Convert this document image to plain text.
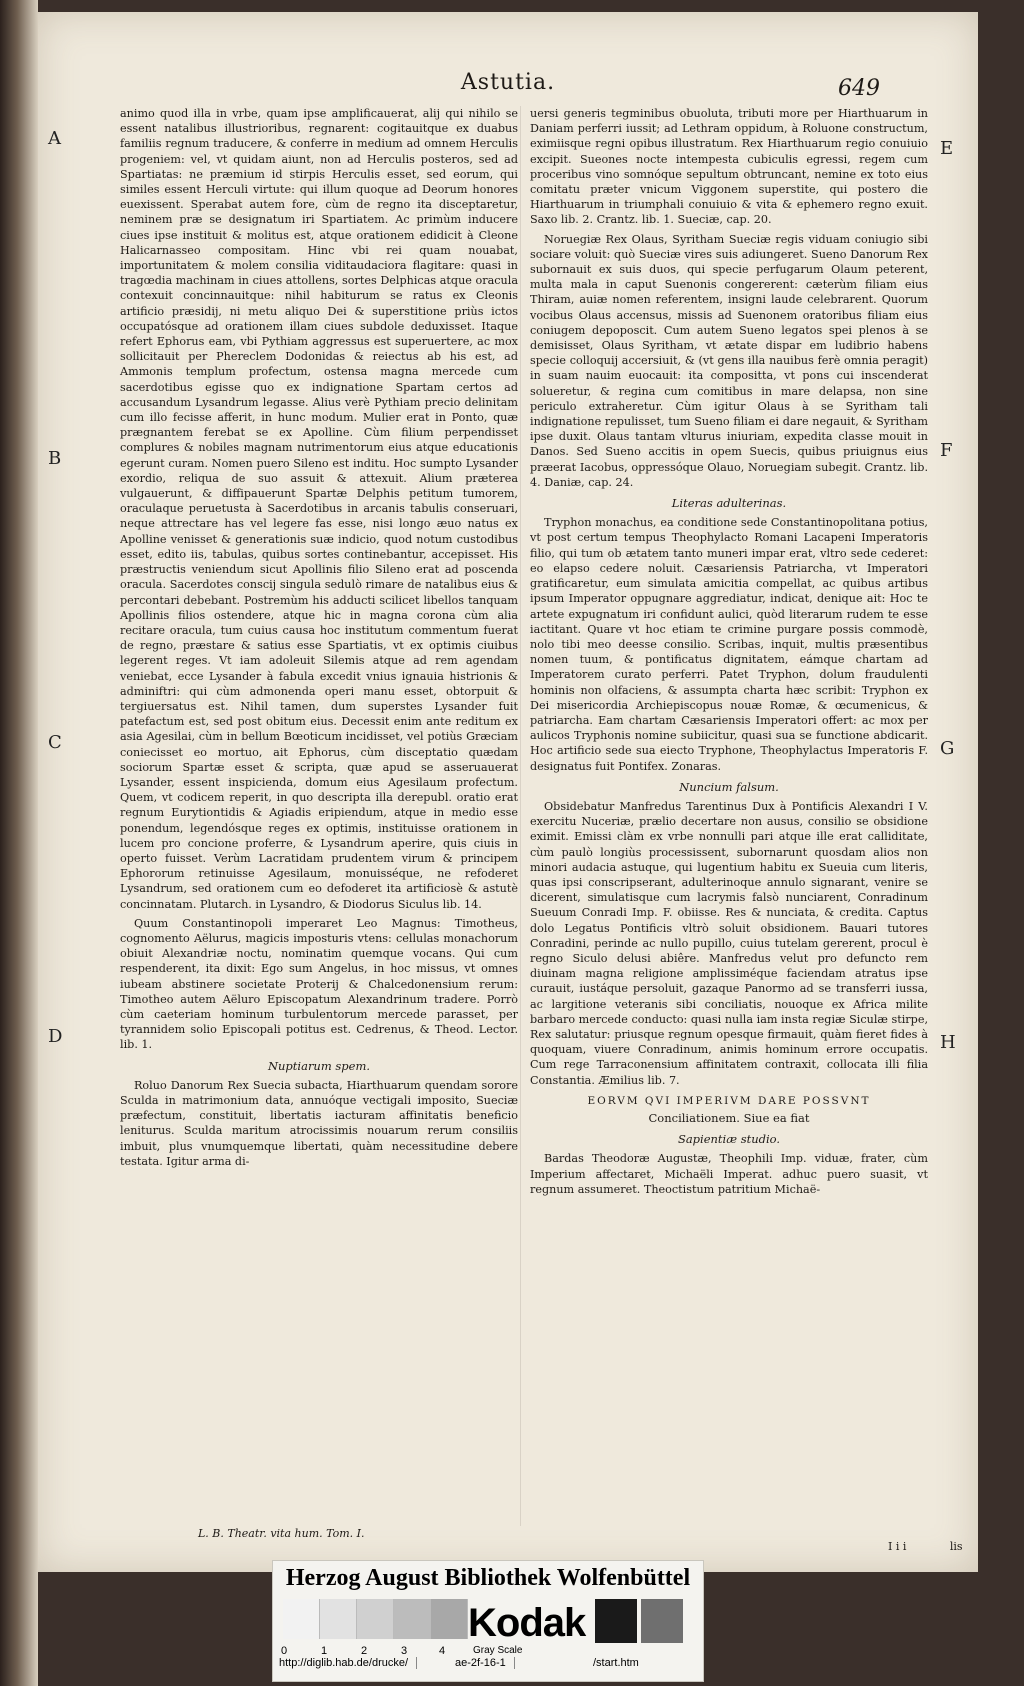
Astutia.	649
A
B
C
D
E
F
G
H

animo quod illa in vrbe, quam ipse amplificauerat, alij qui nihilo se essent natalibus illustrioribus, regnarent: cogitauitque ex duabus familiis regnum traducere, & conferre in medium ad omnem Herculis progeniem: vel, vt quidam aiunt, non ad Herculis posteros, sed ad Spartiatas: ne præmium id stirpis Herculis esset, sed eorum, qui similes essent Herculi virtute: qui illum quoque ad Deorum honores euexissent. Sperabat autem fore, cùm de regno ita disceptaretur, neminem præ se designatum iri Spartiatem. Ac primùm inducere ciues ipse instituit & molitus est, atque orationem edidicit à Cleone Halicarnasseo compositam. Hinc vbi rei quam nouabat, importunitatem & molem consilia viditaudaciora flagitare: quasi in tragœdia machinam in ciues attollens, sortes Delphicas atque oracula contexuit concinnauitque: nihil habiturum se ratus ex Cleonis artificio præsidij, ni metu aliquo Dei & superstitione priùs ictos occupatósque ad orationem illam ciues subdole deduxisset. Itaque refert Ephorus eam, vbi Pythiam aggressus est superuertere, ac mox sollicitauit per Phereclem Dodonidas & reiectus ab his est, ad Ammonis templum profectum, ostensa magna mercede cum sacerdotibus egisse quo ex indignatione Spartam certos ad accusandum Lysandrum legasse. Alius verè Pythiam precio delinitam cum illo fecisse afferit, in hunc modum. Mulier erat in Ponto, quæ prægnantem ferebat se ex Apolline. Cùm filium perpendisset complures & nobiles magnam nutrimentorum eius atque educationis egerunt curam. Nomen puero Sileno est inditu. Hoc sumpto Lysander exordio, reliqua de suo assuit & attexuit. Alium præterea vulgauerunt, & diffipauerunt Spartæ Delphis petitum tumorem, oraculaque peruetusta à Sacerdotibus in arcanis tabulis conseruari, neque attrectare has vel legere fas esse, nisi longo æuo natus ex Apolline venisset & generationis suæ indicio, quod notum custodibus esset, edito iis, tabulas, quibus sortes continebantur, accepisset. His præstructis veniendum sicut Apollinis filio Sileno erat ad poscenda oracula. Sacerdotes conscij singula sedulò rimare de natalibus eius & percontari debebant. Postremùm his adducti scilicet libellos tanquam Apollinis filios ostendere, atque hic in magna corona cùm alia recitare oracula, tum cuius causa hoc institutum commentum fuerat de regno, præstare & satius esse Spartiatis, vt ex optimis ciuibus legerent reges. Vt iam adoleuit Silemis atque ad rem agendam veniebat, ecce Lysander à fabula excedit vnius ignauia histrionis & adminiftri: qui cùm admonenda operi manu esset, obtorpuit & tergiuersatus est. Nihil tamen, dum superstes Lysander fuit patefactum est, sed post obitum eius. Decessit enim ante reditum ex asia Agesilai, cùm in bellum Bœoticum incidisset, vel potiùs Græciam coniecisset eo mortuo, ait Ephorus, cùm disceptatio quædam sociorum Spartæ esset & scripta, quæ apud se asseruauerat Lysander, essent inspicienda, domum eius Agesilaum profectum. Quem, vt codicem reperit, in quo descripta illa derepubl. oratio erat regnum Eurytiontidis & Agiadis eripiendum, atque in medio esse ponendum, legendósque reges ex optimis, instituisse orationem in lucem pro concione proferre, & Lysandrum aperire, quis ciuis in operto fuisset. Verùm Lacratidam prudentem virum & principem Ephororum retinuisse Agesilaum, monuisséque, ne refoderet Lysandrum, sed orationem cum eo defoderet ita artificiosè & astutè concinnatam. Plutarch. in Lysandro, & Diodorus Siculus lib. 14.

Quum Constantinopoli imperaret Leo Magnus: Timotheus, cognomento Aëlurus, magicis imposturis vtens: cellulas monachorum obiuit Alexandriæ noctu, nominatim quemque vocans. Qui cum respenderent, ita dixit: Ego sum Angelus, in hoc missus, vt omnes iubeam abstinere societate Proterij & Chalcedonensium rerum: Timotheo autem Aëluro Episcopatum Alexandrinum tradere. Porrò cùm caeteriam hominum turbulentorum mercede parasset, per tyrannidem solio Episcopali potitus est. Cedrenus, & Theod. Lector. lib. 1.

Nuptiarum spem.

Roluo Danorum Rex Suecia subacta, Hiarthuarum quendam sorore Sculda in matrimonium data, annuóque vectigali imposito, Sueciæ præfectum, constituit, libertatis iacturam affinitatis beneficio leniturus. Sculda maritum atrocissimis nouarum rerum consiliis imbuit, plus vnumquemque libertati, quàm necessitudine debere testata. Igitur arma di-

uersi generis tegminibus obuoluta, tributi more per Hiarthuarum in Daniam perferri iussit; ad Lethram oppidum, à Roluone constructum, eximiisque regni opibus illustratum. Rex Hiarthuarum regio conuiuio excipit. Sueones nocte intempesta cubiculis egressi, regem cum proceribus vino somnóque sepultum obtruncant, nemine ex toto eius comitatu præter vnicum Viggonem superstite, qui postero die Hiarthuarum in triumphali conuiuio & vita & ephemero regno exuit. Saxo lib. 2. Crantz. lib. 1. Sueciæ, cap. 20.

Noruegiæ Rex Olaus, Syritham Sueciæ regis viduam coniugio sibi sociare voluit: quò Sueciæ vires suis adiungeret. Sueno Danorum Rex subornauit ex suis duos, qui specie perfugarum Olaum peterent, multa mala in caput Suenonis congererent: cæterùm filiam eius Thiram, auiæ nomen referentem, insigni laude celebrarent. Quorum vocibus Olaus accensus, missis ad Suenonem oratoribus filiam eius coniugem depoposcit. Cum autem Sueno legatos spei plenos à se demisisset, Olaus Syritham, vt ætate dispar em ludibrio habens specie colloquij accersiuit, & (vt gens illa nauibus ferè omnia peragit) in suam nauim euocauit: ita compositta, vt pons cui inscenderat solueretur, & regina cum comitibus in mare delapsa, non sine periculo extraheretur. Cùm igitur Olaus à se Syritham tali indignatione repulisset, tum Sueno filiam ei dare negauit, & Syritham ipse duxit. Olaus tantam vlturus iniuriam, expedita classe mouit in Danos. Sed Sueno accitis in opem Suecis, quibus priuignus eius præerat Iacobus, oppressóque Olauo, Noruegiam subegit. Crantz. lib. 4. Daniæ, cap. 24.

Literas adulterinas.

Tryphon monachus, ea conditione sede Constantinopolitana potius, vt post certum tempus Theophylacto Romani Lacapeni Imperatoris filio, qui tum ob ætatem tanto muneri impar erat, vltro sede cederet: eo elapso cedere noluit. Cæsariensis Patriarcha, vt Imperatori gratificaretur, eum simulata amicitia compellat, ac quibus artibus ipsum Imperator oppugnare aggrediatur, indicat, denique ait: Hoc te artete expugnatum iri confidunt aulici, quòd literarum rudem te esse iactitant. Quare vt hoc etiam te crimine purgare possis commodè, nolo tibi meo deesse consilio. Scribas, inquit, multis præsentibus nomen tuum, & pontificatus dignitatem, eámque chartam ad Imperatorem curato perferri. Patet Tryphon, dolum fraudulenti hominis non olfaciens, & assumpta charta hæc scribit: Tryphon ex Dei misericordia Archiepiscopus nouæ Romæ, & œcumenicus, & patriarcha. Eam chartam Cæsariensis Imperatori offert: ac mox per aulicos Tryphonis nomine subiicitur, quasi sua se functione abdicarit. Hoc artificio sede sua eiecto Tryphone, Theophylactus Imperatoris F. designatus fuit Pontifex. Zonaras.

Nuncium falsum.

Obsidebatur Manfredus Tarentinus Dux à Pontificis Alexandri I V. exercitu Nuceriæ, prælio decertare non ausus, consilio se obsidione eximit. Emissi clàm ex vrbe nonnulli pari atque ille erat calliditate, cùm paulò longiùs processissent, subornarunt quosdam alios non minori audacia astuque, qui lugentium habitu ex Sueuia cum literis, quas ipsi conscripserant, adulterinoque annulo signarant, venire se dicerent, simulatisque cum lacrymis falsò nunciarent, Conradinum Sueuum Conradi Imp. F. obiisse. Res & nunciata, & credita. Captus dolo Legatus Pontificis vltrò soluit obsidionem. Bauari tutores Conradini, perinde ac nullo pupillo, cuius tutelam gererent, procul è regno Siculo delusi abiêre. Manfredus velut pro defuncto rem diuinam magna religione amplissiméque faciendam atratus ipse curauit, iustáque persoluit, gazaque Panormo ad se transferri iussa, ac largitione veteranis sibi conciliatis, nouoque ex Africa milite barbaro mercede conducto: quasi nulla iam insta regiæ Siculæ stirpe, Rex salutatur: priusque regnum opesque firmauit, quàm fieret fides à quoquam, viuere Conradinum, animis hominum errore occupatis. Cum rege Tarraconensium affinitatem contraxit, collocata illi filia Constantia. Æmilius lib. 7.

EORVM QVI IMPERIVM DARE POSSVNT

Conciliationem. Siue ea fiat

Sapientiæ studio.

Bardas Theodoræ Augustæ, Theophili Imp. viduæ, frater, cùm Imperium affectaret, Michaëli Imperat. adhuc puero suasit, vt regnum assumeret. Theoctistum patritium Michaë-

L. B. Theatr. vita hum. Tom. I.
I i i	lis
Herzog August Bibliothek Wolfenbüttel
0	1	2	3	4
Kodak
Gray Scale
http://diglib.hab.de/drucke/	ae-2f-16-1	/start.htm
